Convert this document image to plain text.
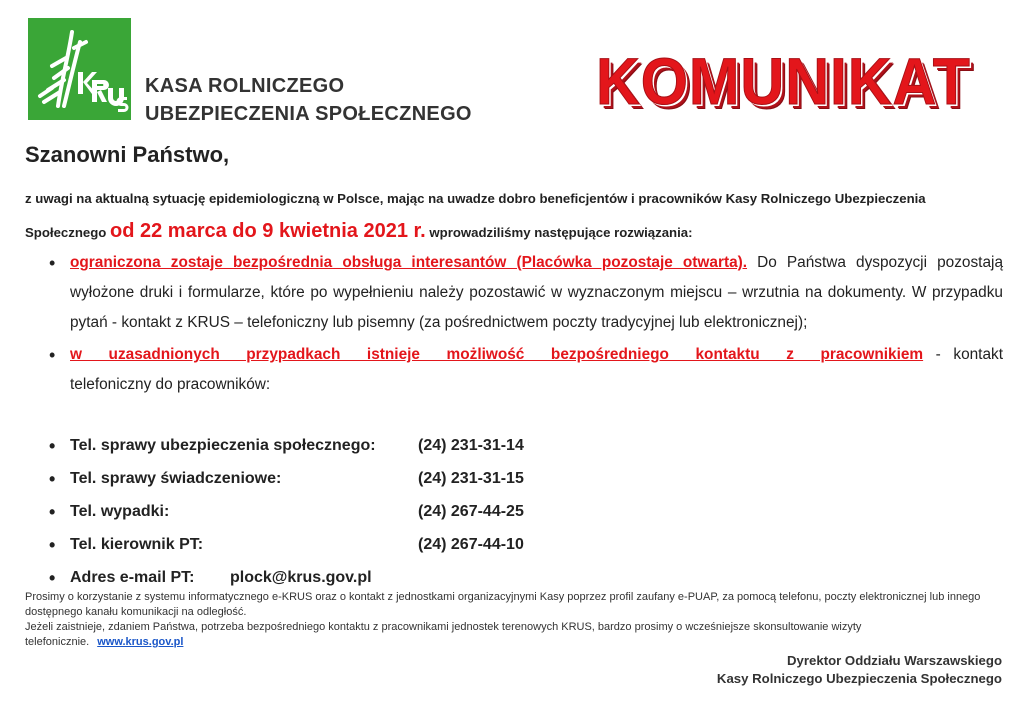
KASA ROLNICZEGO
UBEZPIECZENIA SPOŁECZNEGO KOMUNIKAT
Szanowni Państwo,
z uwagi na aktualną sytuację epidemiologiczną w Polsce, mając na uwadze dobro beneficjentów i pracowników Kasy Rolniczego Ubezpieczenia Społecznego od 22 marca do 9 kwietnia 2021 r. wprowadziliśmy następujące rozwiązania:
• ograniczona zostaje bezpośrednia obsługa interesantów (Placówka pozostaje otwarta). Do Państwa dyspozycji pozostają wyłożone druki i formularze, które po wypełnieniu należy pozostawić w wyznaczonym miejscu – wrzutnia na dokumenty. W przypadku pytań - kontakt z KRUS – telefoniczny lub pisemny (za pośrednictwem poczty tradycyjnej lub elektronicznej);
• w uzasadnionych przypadkach istnieje możliwość bezpośredniego kontaktu z pracownikiem - kontakt telefoniczny do pracowników:
• Tel. sprawy ubezpieczenia społecznego:	(24) 231-31-14
• Tel. sprawy świadczeniowe:	(24) 231-31-15
• Tel. wypadki:	(24) 267-44-25
• Tel. kierownik PT:	(24) 267-44-10
• Adres e-mail PT: plock@krus.gov.pl
Prosimy o korzystanie z systemu informatycznego e-KRUS oraz o kontakt z jednostkami organizacyjnymi Kasy poprzez profil zaufany e-PUAP, za pomocą telefonu, poczty elektronicznej lub innego dostępnego kanału komunikacji na odległość.
Jeżeli zaistnieje, zdaniem Państwa, potrzeba bezpośredniego kontaktu z pracownikami jednostek terenowych KRUS, bardzo prosimy o wcześniejsze skonsultowanie wizyty telefonicznie. www.krus.gov.pl
Dyrektor Oddziału Warszawskiego
Kasy Rolniczego Ubezpieczenia Społecznego
